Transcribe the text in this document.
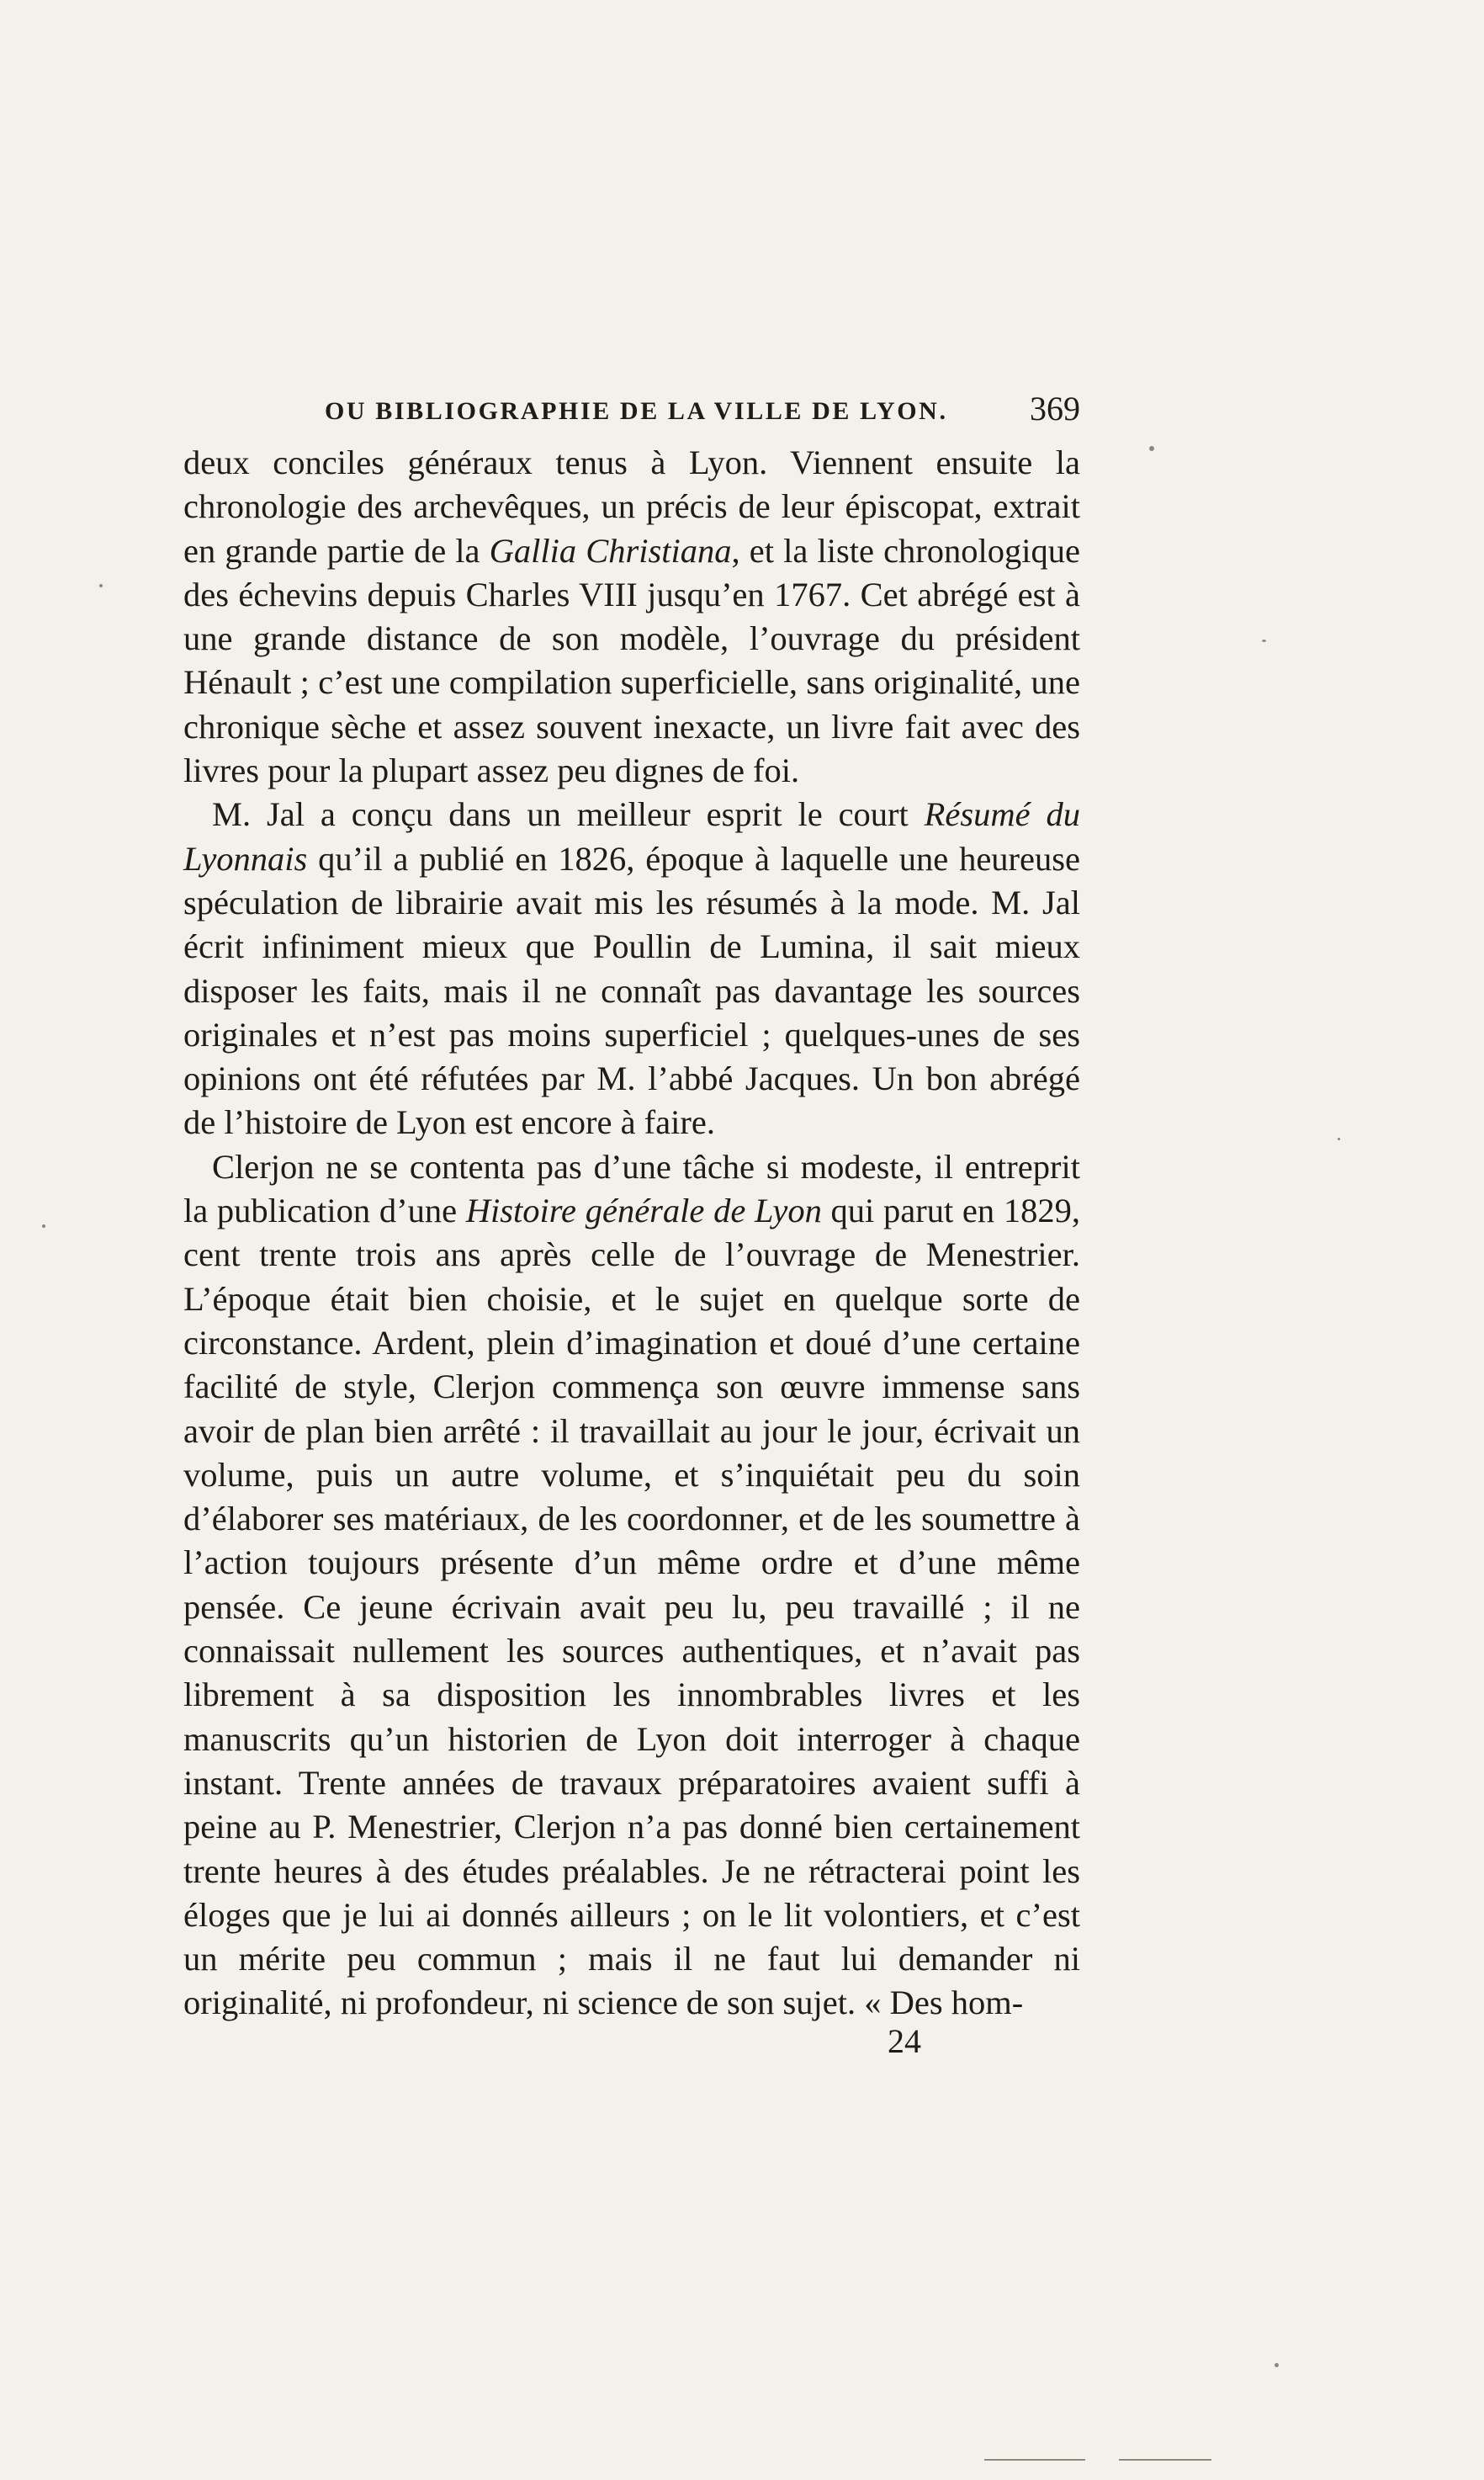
OU BIBLIOGRAPHIE DE LA VILLE DE LYON. 369

deux conciles généraux tenus à Lyon. Viennent ensuite la chronologie des archevêques, un précis de leur épiscopat, extrait en grande partie de la Gallia Christiana, et la liste chronologique des échevins depuis Charles VIII jusqu’en 1767. Cet abrégé est à une grande distance de son modèle, l’ouvrage du président Hénault ; c’est une compilation superficielle, sans originalité, une chronique sèche et assez souvent inexacte, un livre fait avec des livres pour la plupart assez peu dignes de foi.

M. Jal a conçu dans un meilleur esprit le court Résumé du Lyonnais qu’il a publié en 1826, époque à laquelle une heureuse spéculation de librairie avait mis les résumés à la mode. M. Jal écrit infiniment mieux que Poullin de Lumina, il sait mieux disposer les faits, mais il ne connaît pas davantage les sources originales et n’est pas moins superficiel ; quelques-unes de ses opinions ont été réfutées par M. l’abbé Jacques. Un bon abrégé de l’histoire de Lyon est encore à faire.

Clerjon ne se contenta pas d’une tâche si modeste, il entreprit la publication d’une Histoire générale de Lyon qui parut en 1829, cent trente trois ans après celle de l’ouvrage de Menestrier. L’époque était bien choisie, et le sujet en quelque sorte de circonstance. Ardent, plein d’imagination et doué d’une certaine facilité de style, Clerjon commença son œuvre immense sans avoir de plan bien arrêté : il travaillait au jour le jour, écrivait un volume, puis un autre volume, et s’inquiétait peu du soin d’élaborer ses matériaux, de les coordonner, et de les soumettre à l’action toujours présente d’un même ordre et d’une même pensée. Ce jeune écrivain avait peu lu, peu travaillé ; il ne connaissait nullement les sources authentiques, et n’avait pas librement à sa disposition les innombrables livres et les manuscrits qu’un historien de Lyon doit interroger à chaque instant. Trente années de travaux préparatoires avaient suffi à peine au P. Menestrier, Clerjon n’a pas donné bien certainement trente heures à des études préalables. Je ne rétracterai point les éloges que je lui ai donnés ailleurs ; on le lit volontiers, et c’est un mérite peu commun ; mais il ne faut lui demander ni originalité, ni profondeur, ni science de son sujet. « Des hom-

24
